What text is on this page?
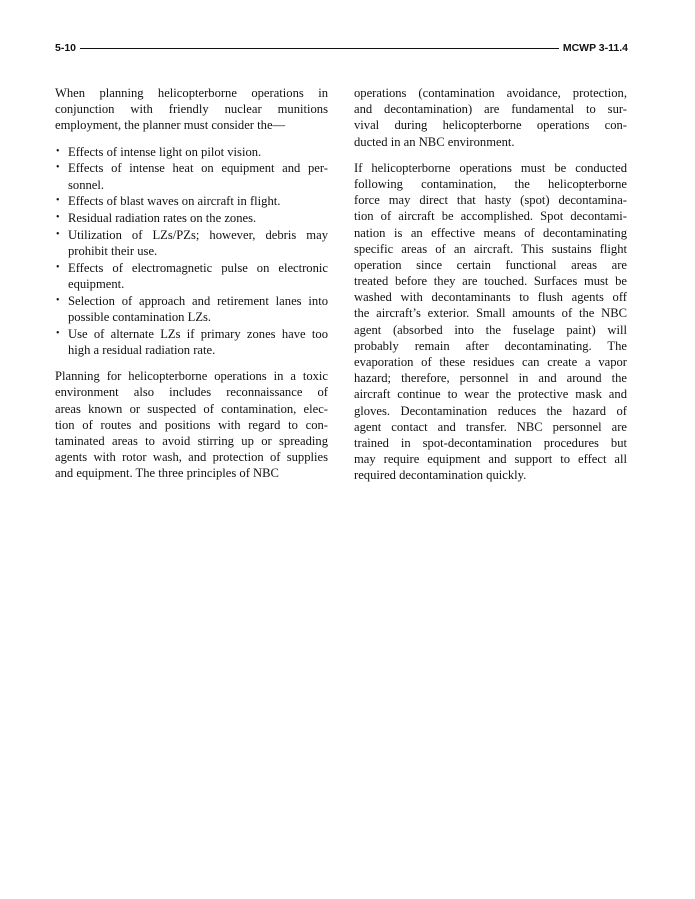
5-10	MCWP 3-11.4
When planning helicopterborne operations in
conjunction with friendly nuclear munitions
employment, the planner must consider the—
• Effects of intense light on pilot vision.
• Effects of intense heat on equipment and per-
sonnel.
• Effects of blast waves on aircraft in flight.
• Residual radiation rates on the zones.
• Utilization of LZs/PZs; however, debris may
prohibit their use.
• Effects of electromagnetic pulse on electronic
equipment.
• Selection of approach and retirement lanes into
possible contamination LZs.
• Use of alternate LZs if primary zones have too
high a residual radiation rate.
Planning for helicopterborne operations in a toxic
environment also includes reconnaissance of
areas known or suspected of contamination, elec-
tion of routes and positions with regard to con-
taminated areas to avoid stirring up or spreading
agents with rotor wash, and protection of supplies
and equipment. The three principles of NBC
operations (contamination avoidance, protection,
and decontamination) are fundamental to sur-
vival during helicopterborne operations con-
ducted in an NBC environment.
If helicopterborne operations must be conducted
following contamination, the helicopterborne
force may direct that hasty (spot) decontamina-
tion of aircraft be accomplished. Spot decontami-
nation is an effective means of decontaminating
specific areas of an aircraft. This sustains flight
operation since certain functional areas are
treated before they are touched. Surfaces must be
washed with decontaminants to flush agents off
the aircraft’s exterior. Small amounts of the NBC
agent (absorbed into the fuselage paint) will
probably remain after decontaminating. The
evaporation of these residues can create a vapor
hazard; therefore, personnel in and around the
aircraft continue to wear the protective mask and
gloves. Decontamination reduces the hazard of
agent contact and transfer. NBC personnel are
trained in spot-decontamination procedures but
may require equipment and support to effect all
required decontamination quickly.
